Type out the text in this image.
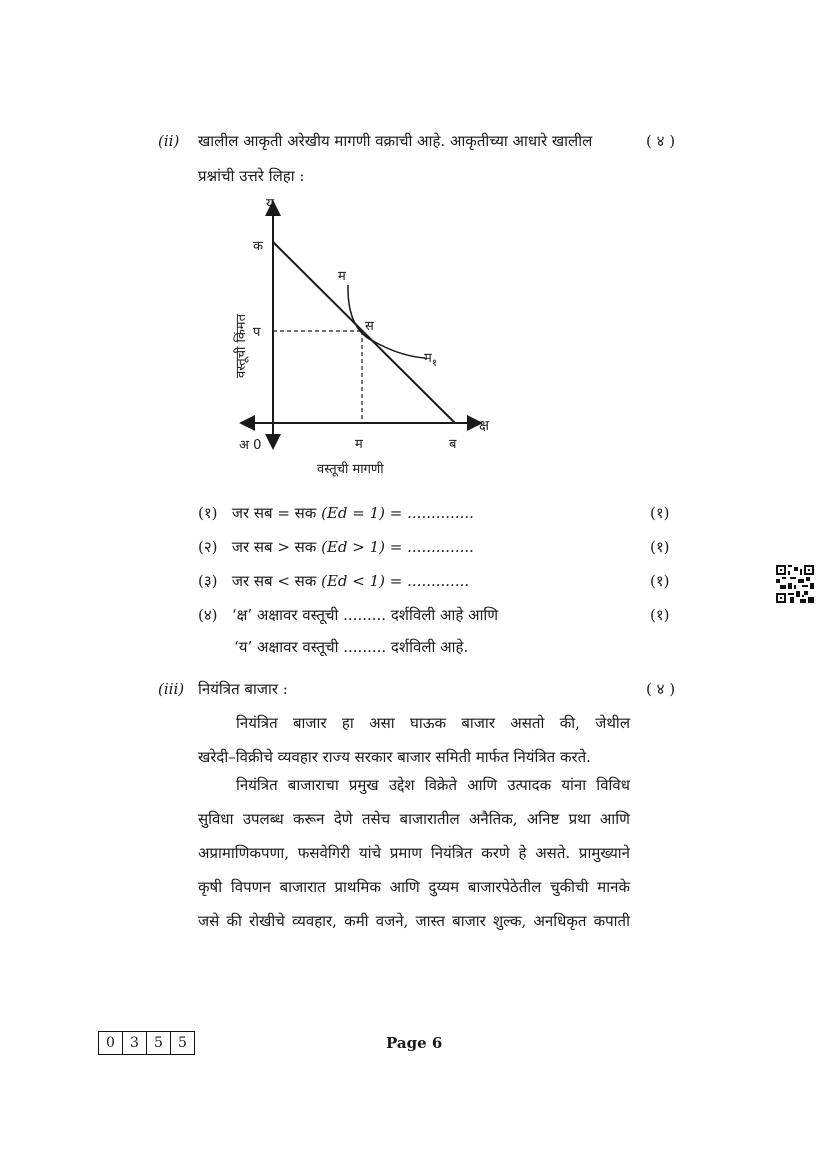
(ii) खालील आकृती अरेखीय मागणी वक्राची आहे. आकृतीच्या आधारे खालील	( ४ )
प्रश्नांची उत्तरे लिहा :
य
क्ष
अ 0
क
प
म
स
म$_१$
म	ब
वस्तूची मागणी
वस्तूची किंमत
(१) जर सब = सक (Ed = 1) = ..............	(१)
(२) जर सब > सक (Ed > 1) = ..............	(१)
(३) जर सब < सक (Ed < 1) = .............	(१)
(४) ‘क्ष’ अक्षावर वस्तूची ......... दर्शविली आहे आणि	(१)
‘य’ अक्षावर वस्तूची ......... दर्शविली आहे.
(iii) नियंत्रित बाजार :	( ४ )
नियंत्रित बाजार हा असा घाऊक बाजार असतो की, जेथील
खरेदी–विक्रीचे व्यवहार राज्य सरकार बाजार समिती मार्फत नियंत्रित करते.
नियंत्रित बाजाराचा प्रमुख उद्देश विक्रेते आणि उत्पादक यांना विविध
सुविधा उपलब्ध करून देणे तसेच बाजारातील अनैतिक, अनिष्ट प्रथा आणि
अप्रामाणिकपणा, फसवेगिरी यांचे प्रमाण नियंत्रित करणे हे असते. प्रामुख्याने
कृषी विपणन बाजारात प्राथमिक आणि दुय्यम बाजारपेठेतील चुकीची मानके
जसे की रोखीचे व्यवहार, कमी वजने, जास्त बाजार शुल्क, अनधिकृत कपाती
0	3	5	5	Page 6
